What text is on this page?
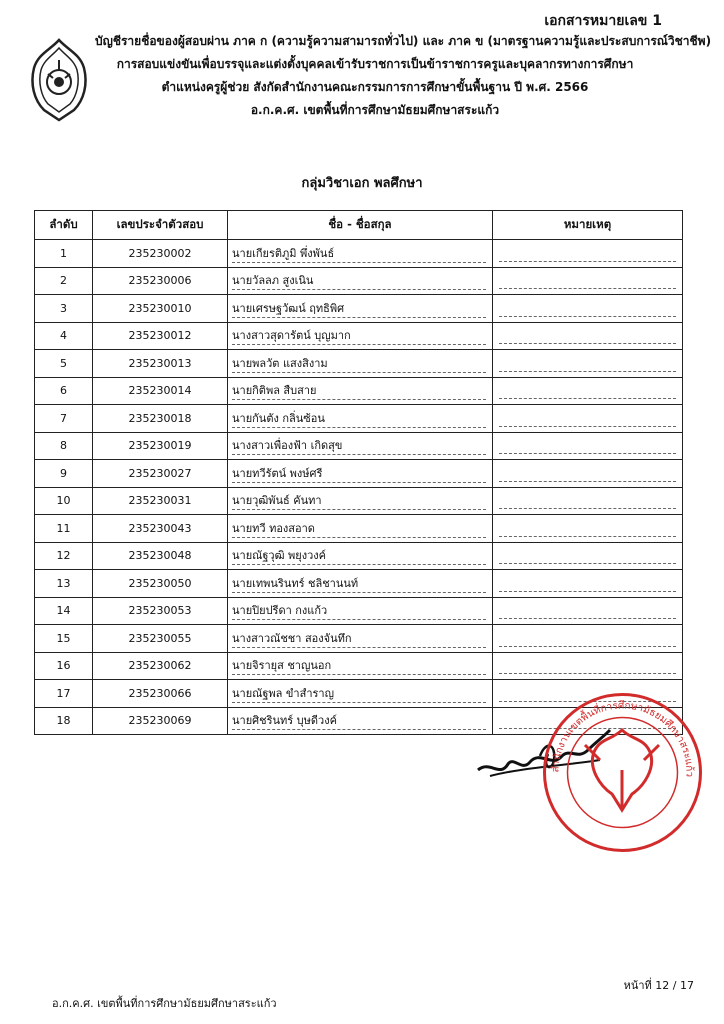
เอกสารหมายเลข 1
บัญชีรายชื่อของผู้สอบผ่าน ภาค ก (ความรู้ความสามารถทั่วไป) และ ภาค ข (มาตรฐานความรู้และประสบการณ์วิชาชีพ)
การสอบแข่งขันเพื่อบรรจุและแต่งตั้งบุคคลเข้ารับราชการเป็นข้าราชการครูและบุคลากรทางการศึกษา
ตำแหน่งครูผู้ช่วย สังกัดสำนักงานคณะกรรมการการศึกษาขั้นพื้นฐาน ปี พ.ศ. 2566
อ.ก.ค.ศ. เขตพื้นที่การศึกษามัธยมศึกษาสระแก้ว
กลุ่มวิชาเอก พลศึกษา
ลำดับ	เลขประจำตัวสอบ	ชื่อ - ชื่อสกุล	หมายเหตุ
1	235230002	นายเกียรติภูมิ พึ่งพันธ์	
2	235230006	นายวัลลภ สูงเนิน	
3	235230010	นายเศรษฐวัฒน์ ฤทธิพิศ	
4	235230012	นางสาวสุดารัตน์ บุญมาก	
5	235230013	นายพลวัต แสงสิงาม	
6	235230014	นายกิติพล สืบสาย	
7	235230018	นายกันตัง กลิ่นซ้อน	
8	235230019	นางสาวเพื่องฟ้า เกิดสุข	
9	235230027	นายทวีรัตน์ พงษ์ศรี	
10	235230031	นายวุฒิพันธ์ คันทา	
11	235230043	นายทวี ทองสอาด	
12	235230048	นายณัฐวุฒิ พยุงวงค์	
13	235230050	นายเทพนรินทร์ ชลิชานนท์	
14	235230053	นายปิยปรีดา กงแก้ว	
15	235230055	นางสาวณัชชา สองจันทึก	
16	235230062	นายจิรายุส ชาญนอก	
17	235230066	นายณัฐพล ขำสำราญ	
18	235230069	นายศิชรินทร์ บุษดีวงค์	
สำนักงานเขตพื้นที่การศึกษามัธยมศึกษาสระแก้ว
หน้าที่ 12 / 17
อ.ก.ค.ศ. เขตพื้นที่การศึกษามัธยมศึกษาสระแก้ว
